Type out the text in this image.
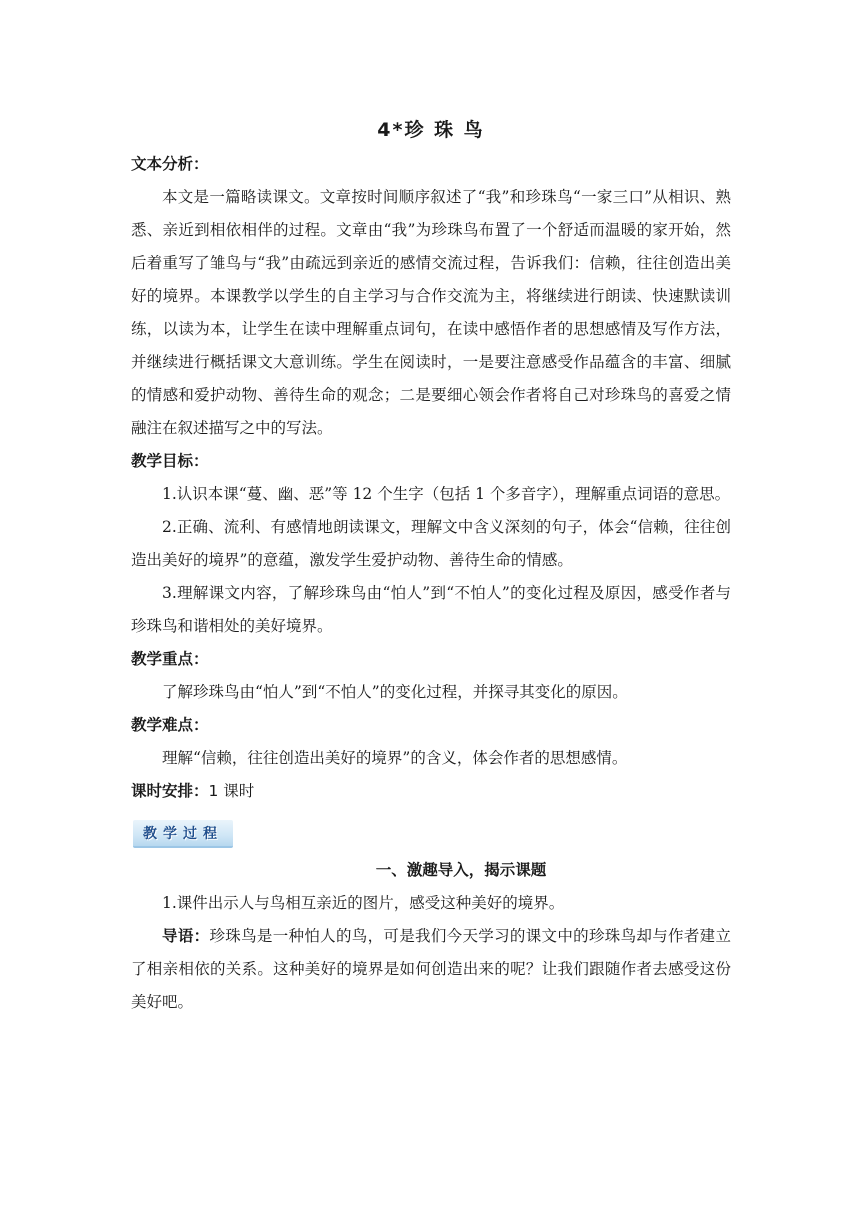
4*珍 珠 鸟

文本分析：

本文是一篇略读课文。文章按时间顺序叙述了“我”和珍珠鸟“一家三口”从相识、熟悉、亲近到相依相伴的过程。文章由“我”为珍珠鸟布置了一个舒适而温暖的家开始，然后着重写了雏鸟与“我”由疏远到亲近的感情交流过程，告诉我们：信赖，往往创造出美好的境界。本课教学以学生的自主学习与合作交流为主，将继续进行朗读、快速默读训练，以读为本，让学生在读中理解重点词句，在读中感悟作者的思想感情及写作方法，并继续进行概括课文大意训练。学生在阅读时，一是要注意感受作品蕴含的丰富、细腻的情感和爱护动物、善待生命的观念；二是要细心领会作者将自己对珍珠鸟的喜爱之情融注在叙述描写之中的写法。

教学目标：

1.认识本课“蔓、幽、恶”等 12 个生字（包括 1 个多音字），理解重点词语的意思。

2.正确、流利、有感情地朗读课文，理解文中含义深刻的句子，体会“信赖，往往创造出美好的境界”的意蕴，激发学生爱护动物、善待生命的情感。

3.理解课文内容，了解珍珠鸟由“怕人”到“不怕人”的变化过程及原因，感受作者与珍珠鸟和谐相处的美好境界。

教学重点：

了解珍珠鸟由“怕人”到“不怕人”的变化过程，并探寻其变化的原因。

教学难点：

理解“信赖，往往创造出美好的境界”的含义，体会作者的思想感情。

课时安排：1 课时

教学过程

一、激趣导入，揭示课题

1.课件出示人与鸟相互亲近的图片，感受这种美好的境界。

导语：珍珠鸟是一种怕人的鸟，可是我们今天学习的课文中的珍珠鸟却与作者建立了相亲相依的关系。这种美好的境界是如何创造出来的呢？让我们跟随作者去感受这份美好吧。
